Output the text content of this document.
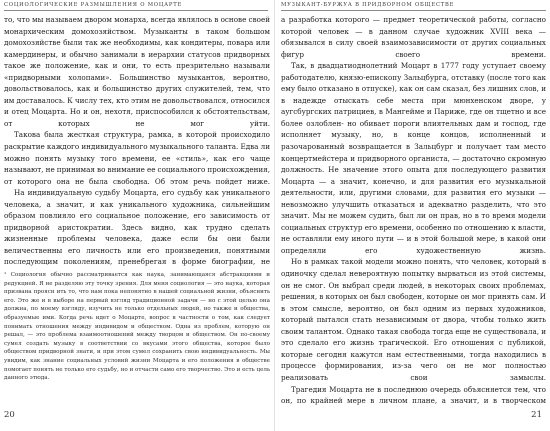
СОЦИОЛОГИЧЕСКИЕ РАЗМЫШЛЕНИЯ О МОЦАРТЕ

то, что мы называем двором монарха, всегда являлось в основе своей монархическим домохозяйством. Музыканты в таком большом домохозяйстве были так же необходимы, как кондитеры, повара или камердинеры, и обычно занимали в иерархии статусов придворных такое же положение, как и они, то есть презрительно называли «придворными холопами». Большинство музыкантов, вероятно, довольствовалось, как и большинство других служителей, тем, что им доставалось. К числу тех, кто этим не довольствовался, относился и отец Моцарта. Но и он, нехотя, приспособился к обстоятельствам, от которых не мог уйти.

Такова была жесткая структура, рамка, в которой происходило раскрытие каждого индивидуального музыкального таланта. Едва ли можно понять музыку того времени, ее «стиль», как его чаще называют, не принимая во внимание ее социального происхождения, от которого она не была свободна. Об этом речь пойдет ниже.

На индивидуальную судьбу Моцарта, его судьбу как уникального человека, а значит, и как уникального художника, сильнейшим образом повлияло его социальное положение, его зависимость от придворной аристократии. Здесь видно, как трудно сделать жизненные проблемы человека, даже если бы они были величественны его личность или его произведения, понятными последующим поколениям, пренебрегая в форме биографии, не

¹ Социология обычно рассматривается как наука, занимающаяся абстракциями и редукцией. Я не разделяю эту точку зрения. Для меня социология — это наука, которая призвана проясн ить то, что нам пока непонятно в нашей социальной жизни, объяснить его. Это же и в выборе на первый взгляд традиционной задачи — но с этой целью она должна, по моему взгляду, изучить не только отдельных людей, но также и общества, образуемые ими. Когда речь идет о Моцарте, вопрос в частности о том, как следует понимать отношения между индивидом и обществом. Одна из проблем, которую он решал, — это проблема взаимоотношений между творцом и обществом. Он по-своему сумел создать музыку в соответствии со вкусами этого общества, которое было обществом придворной знати, и при этом сумел сохранить свою индивидуальность. Мы увидим, как знание социальных условий жизни Моцарта и его положения в обществе помогает понять не только его судьбу, но и отчасти само его творчество. Это и есть цель данного этюда.

20
МУЗЫКАНТ-БУРЖУА В ПРИДВОРНОМ ОБЩЕСТВЕ

а разработка которого — предмет теоретической работы, согласно которой человек — в данном случае художник XVIII века — обязывался в силу своей взаимозависимости от других социальных фигур своего времени.

Так, в двадцатиоднолетний Моцарт в 1777 году уступает своему работодателю, князю-епископу Зальцбурга, отставку (после того как ему было отказано в отпуске), как он сам сказал, без лишних слов, и в надежде отыскать себе места при мюнхенском дворе, у аугсбургских патрициев, в Мангейме и Париже, где он тщетно и все более озлоблен- но обивает пороги влиятельных дам и господ, где исполняет музыку, но, в конце концов, исполненный и разочарованный возвращается в Зальцбург и получает там место концертмейстера и придворного органиста, — достаточно скромную должность. Не значение этого опыта для последующего развития Моцарта — а значит, конечно, и для развития его музыкальной деятельности, или, другими словами, для развития его музыки — невозможно улучшить отказаться и адекватно разделить, что это значит. Мы не можем судить, был ли он прав, но в то время модели социальных структур его времени, особенно по отношению к власти, не оставляли ему иного пути — и в этой большой мере, в какой они определяли его художественную жизнь.

Но в рамках такой модели можно понять, что человек, который в одиночку сделал невероятную попытку вырваться из этой системы, он не смог. Он выбрал среди людей, в некоторых своих проблемах, решения, в которых он был свободен, которые он мог принять сам. И в этом смысле, вероятно, он был одним из первых художников, который пытался стать независимым от двора, чтобы только жить своим талантом. Однако такая свобода тогда еще не существовала, и это сделало его жизнь трагической. Его отношения с публикой, которые сегодня кажутся нам естественными, тогда находились в процессе формирования, из-за чего он не мог полностью реализовать свои замыслы.

Трагедия Моцарта не в последнюю очередь объясняется тем, что он, по крайней мере в личном плане, а значит, и в творческом

21
